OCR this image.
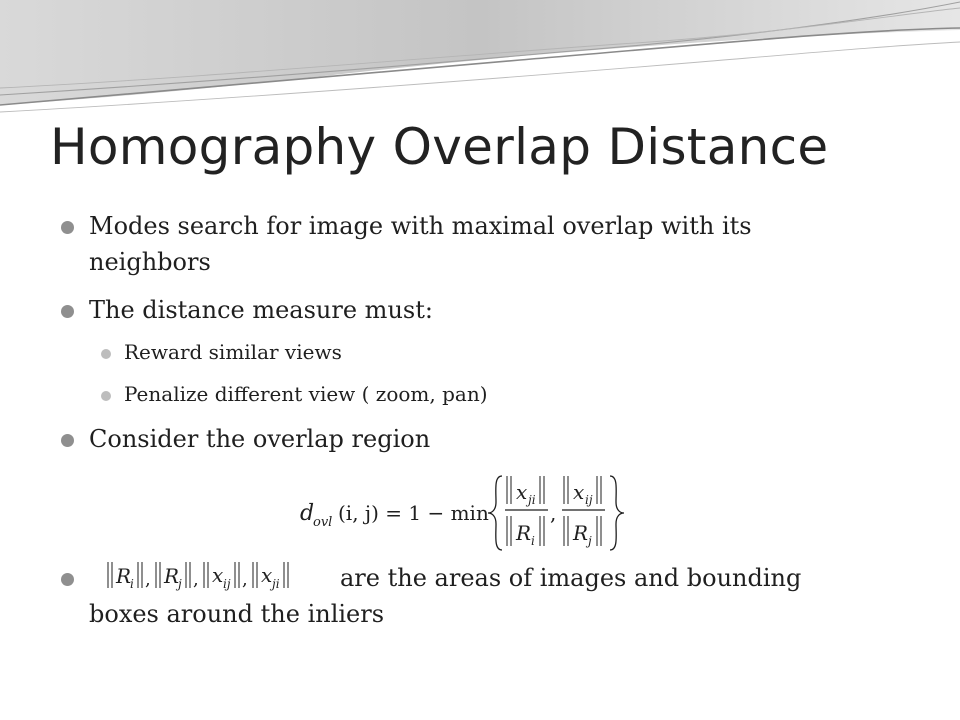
Homography Overlap Distance

Modes search for image with maximal overlap with its

neighbors

The distance measure must:

Reward similar views

Penalize different view ( zoom, pan)

Consider the overlap region

d
ovl (i, j) = 1 − min
x ji
R i
,
x ij
R j
R
i , R
j , x ij , x ji	are the areas of images and bounding

boxes around the inliers
